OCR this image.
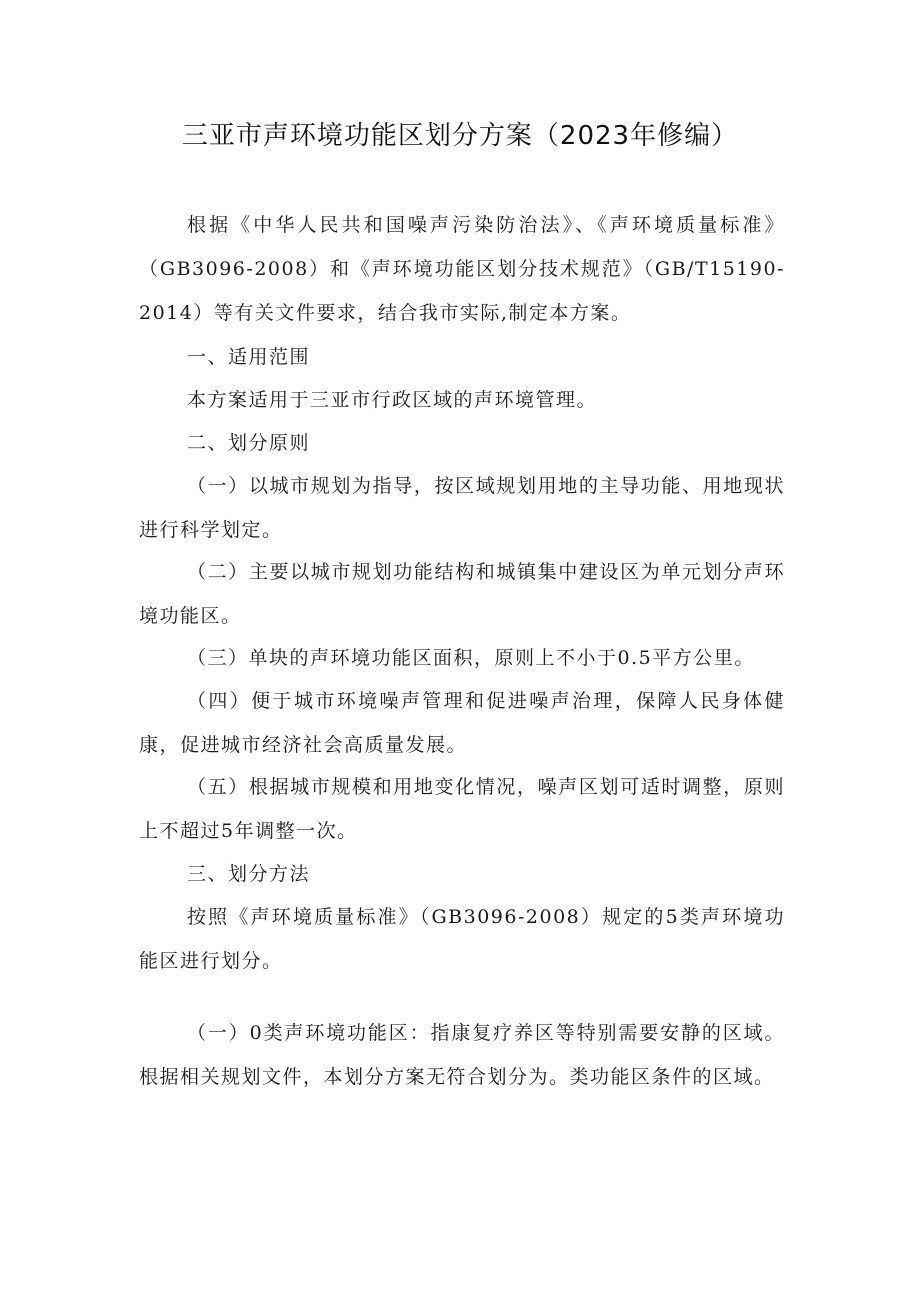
三亚市声环境功能区划分方案（2023年修编）

根据《中华人民共和国噪声污染防治法》、《声环境质量标准》（GB3096-2008）和《声环境功能区划分技术规范》（GB/T15190-2014）等有关文件要求，结合我市实际,制定本方案。

一、适用范围

本方案适用于三亚市行政区域的声环境管理。

二、划分原则

（一）以城市规划为指导，按区域规划用地的主导功能、用地现状进行科学划定。

（二）主要以城市规划功能结构和城镇集中建设区为单元划分声环境功能区。

（三）单块的声环境功能区面积，原则上不小于0.5平方公里。

（四）便于城市环境噪声管理和促进噪声治理，保障人民身体健康，促进城市经济社会高质量发展。

（五）根据城市规模和用地变化情况，噪声区划可适时调整，原则上不超过5年调整一次。

三、划分方法

按照《声环境质量标准》（GB3096-2008）规定的5类声环境功能区进行划分。

（一）0类声环境功能区：指康复疗养区等特别需要安静的区域。根据相关规划文件，本划分方案无符合划分为。类功能区条件的区域。
